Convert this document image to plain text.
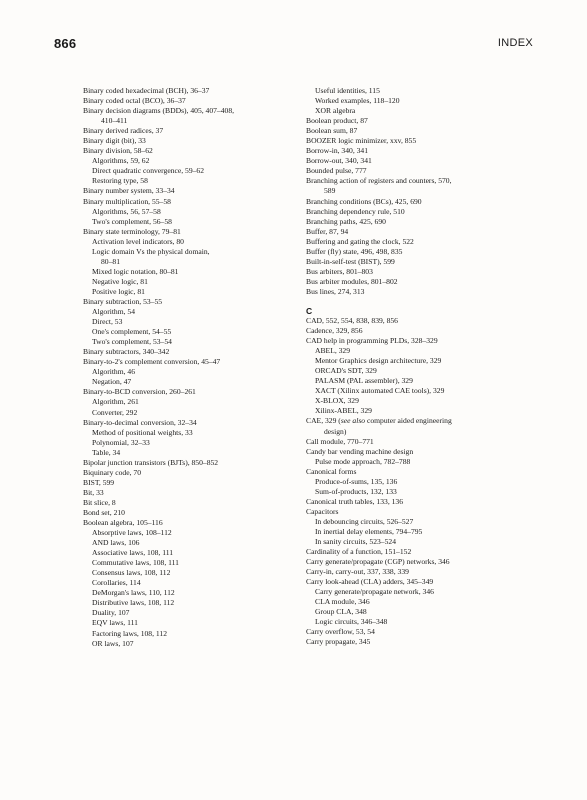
866	INDEX
Binary coded hexadecimal (BCH), 36–37
Binary coded octal (BCO), 36–37
Binary decision diagrams (BDDs), 405, 407–408,
410–411
Binary derived radices, 37
Binary digit (bit), 33
Binary division, 58–62
Algorithms, 59, 62
Direct quadratic convergence, 59–62
Restoring type, 58
Binary number system, 33–34
Binary multiplication, 55–58
Algorithms, 56, 57–58
Two's complement, 56–58
Binary state terminology, 79–81
Activation level indicators, 80
Logic domain Vs the physical domain,
80–81
Mixed logic notation, 80–81
Negative logic, 81
Positive logic, 81
Binary subtraction, 53–55
Algorithm, 54
Direct, 53
One's complement, 54–55
Two's complement, 53–54
Binary subtractors, 340–342
Binary-to-2's complement conversion, 45–47
Algorithm, 46
Negation, 47
Binary-to-BCD conversion, 260–261
Algorithm, 261
Converter, 292
Binary-to-decimal conversion, 32–34
Method of positional weights, 33
Polynomial, 32–33
Table, 34
Bipolar junction transistors (BJTs), 850–852
Biquinary code, 70
BIST, 599
Bit, 33
Bit slice, 8
Bond set, 210
Boolean algebra, 105–116
Absorptive laws, 108–112
AND laws, 106
Associative laws, 108, 111
Commutative laws, 108, 111
Consensus laws, 108, 112
Corollaries, 114
DeMorgan's laws, 110, 112
Distributive laws, 108, 112
Duality, 107
EQV laws, 111
Factoring laws, 108, 112
OR laws, 107
Useful identities, 115
Worked examples, 118–120
XOR algebra
Boolean product, 87
Boolean sum, 87
BOOZER logic minimizer, xxv, 855
Borrow-in, 340, 341
Borrow-out, 340, 341
Bounded pulse, 777
Branching action of registers and counters, 570,
589
Branching conditions (BCs), 425, 690
Branching dependency rule, 510
Branching paths, 425, 690
Buffer, 87, 94
Buffering and gating the clock, 522
Buffer (fly) state, 496, 498, 835
Built-in-self-test (BIST), 599
Bus arbiters, 801–803
Bus arbiter modules, 801–802
Bus lines, 274, 313
C
CAD, 552, 554, 838, 839, 856
Cadence, 329, 856
CAD help in programming PLDs, 328–329
ABEL, 329
Mentor Graphics design architecture, 329
ORCAD's SDT, 329
PALASM (PAL assembler), 329
XACT (Xilinx automated CAE tools), 329
X-BLOX, 329
Xilinx-ABEL, 329
CAE, 329 (see also computer aided engineering
design)
Call module, 770–771
Candy bar vending machine design
Pulse mode approach, 782–788
Canonical forms
Produce-of-sums, 135, 136
Sum-of-products, 132, 133
Canonical truth tables, 133, 136
Capacitors
In debouncing circuits, 526–527
In inertial delay elements, 794–795
In sanity circuits, 523–524
Cardinality of a function, 151–152
Carry generate/propagate (CGP) networks, 346
Carry-in, carry-out, 337, 338, 339
Carry look-ahead (CLA) adders, 345–349
Carry generate/propagate network, 346
CLA module, 346
Group CLA, 348
Logic circuits, 346–348
Carry overflow, 53, 54
Carry propagate, 345
